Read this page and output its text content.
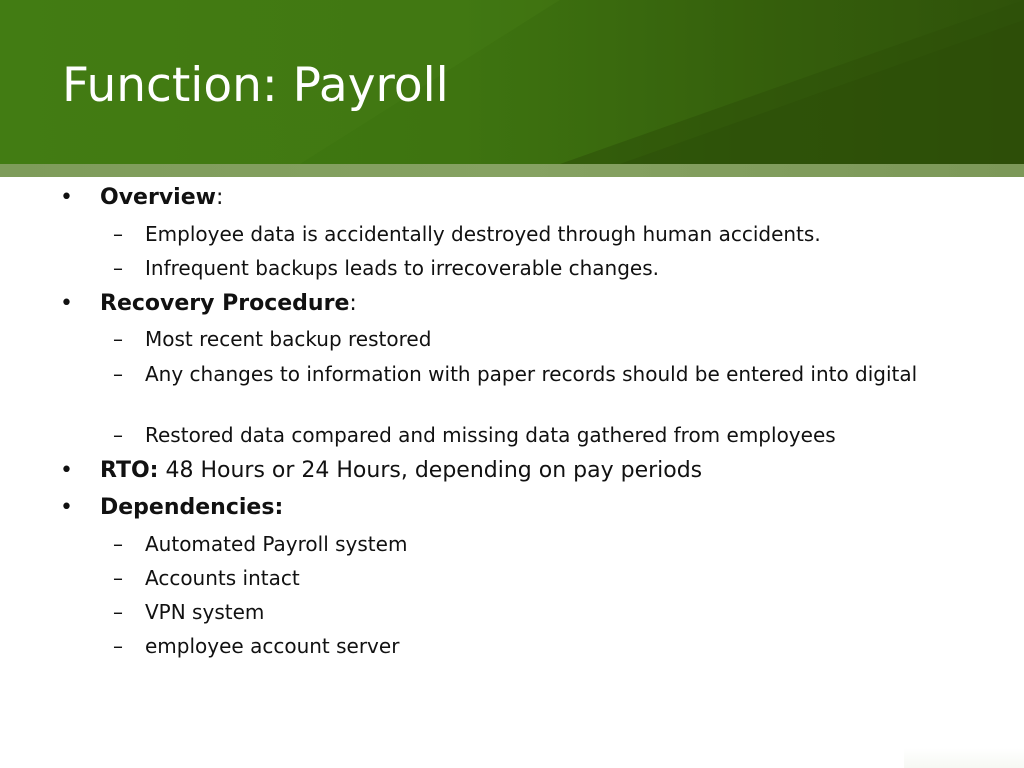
Function: Payroll
• Overview:
– Employee data is accidentally destroyed through human accidents.
– Infrequent backups leads to irrecoverable changes.
• Recovery Procedure:
– Most recent backup restored
– Any changes to information with paper records should be entered into digital
– Restored data compared and missing data gathered from employees
• RTO: 48 Hours or 24 Hours, depending on pay periods
• Dependencies:
– Automated Payroll system
– Accounts intact
– VPN system
– employee account server
